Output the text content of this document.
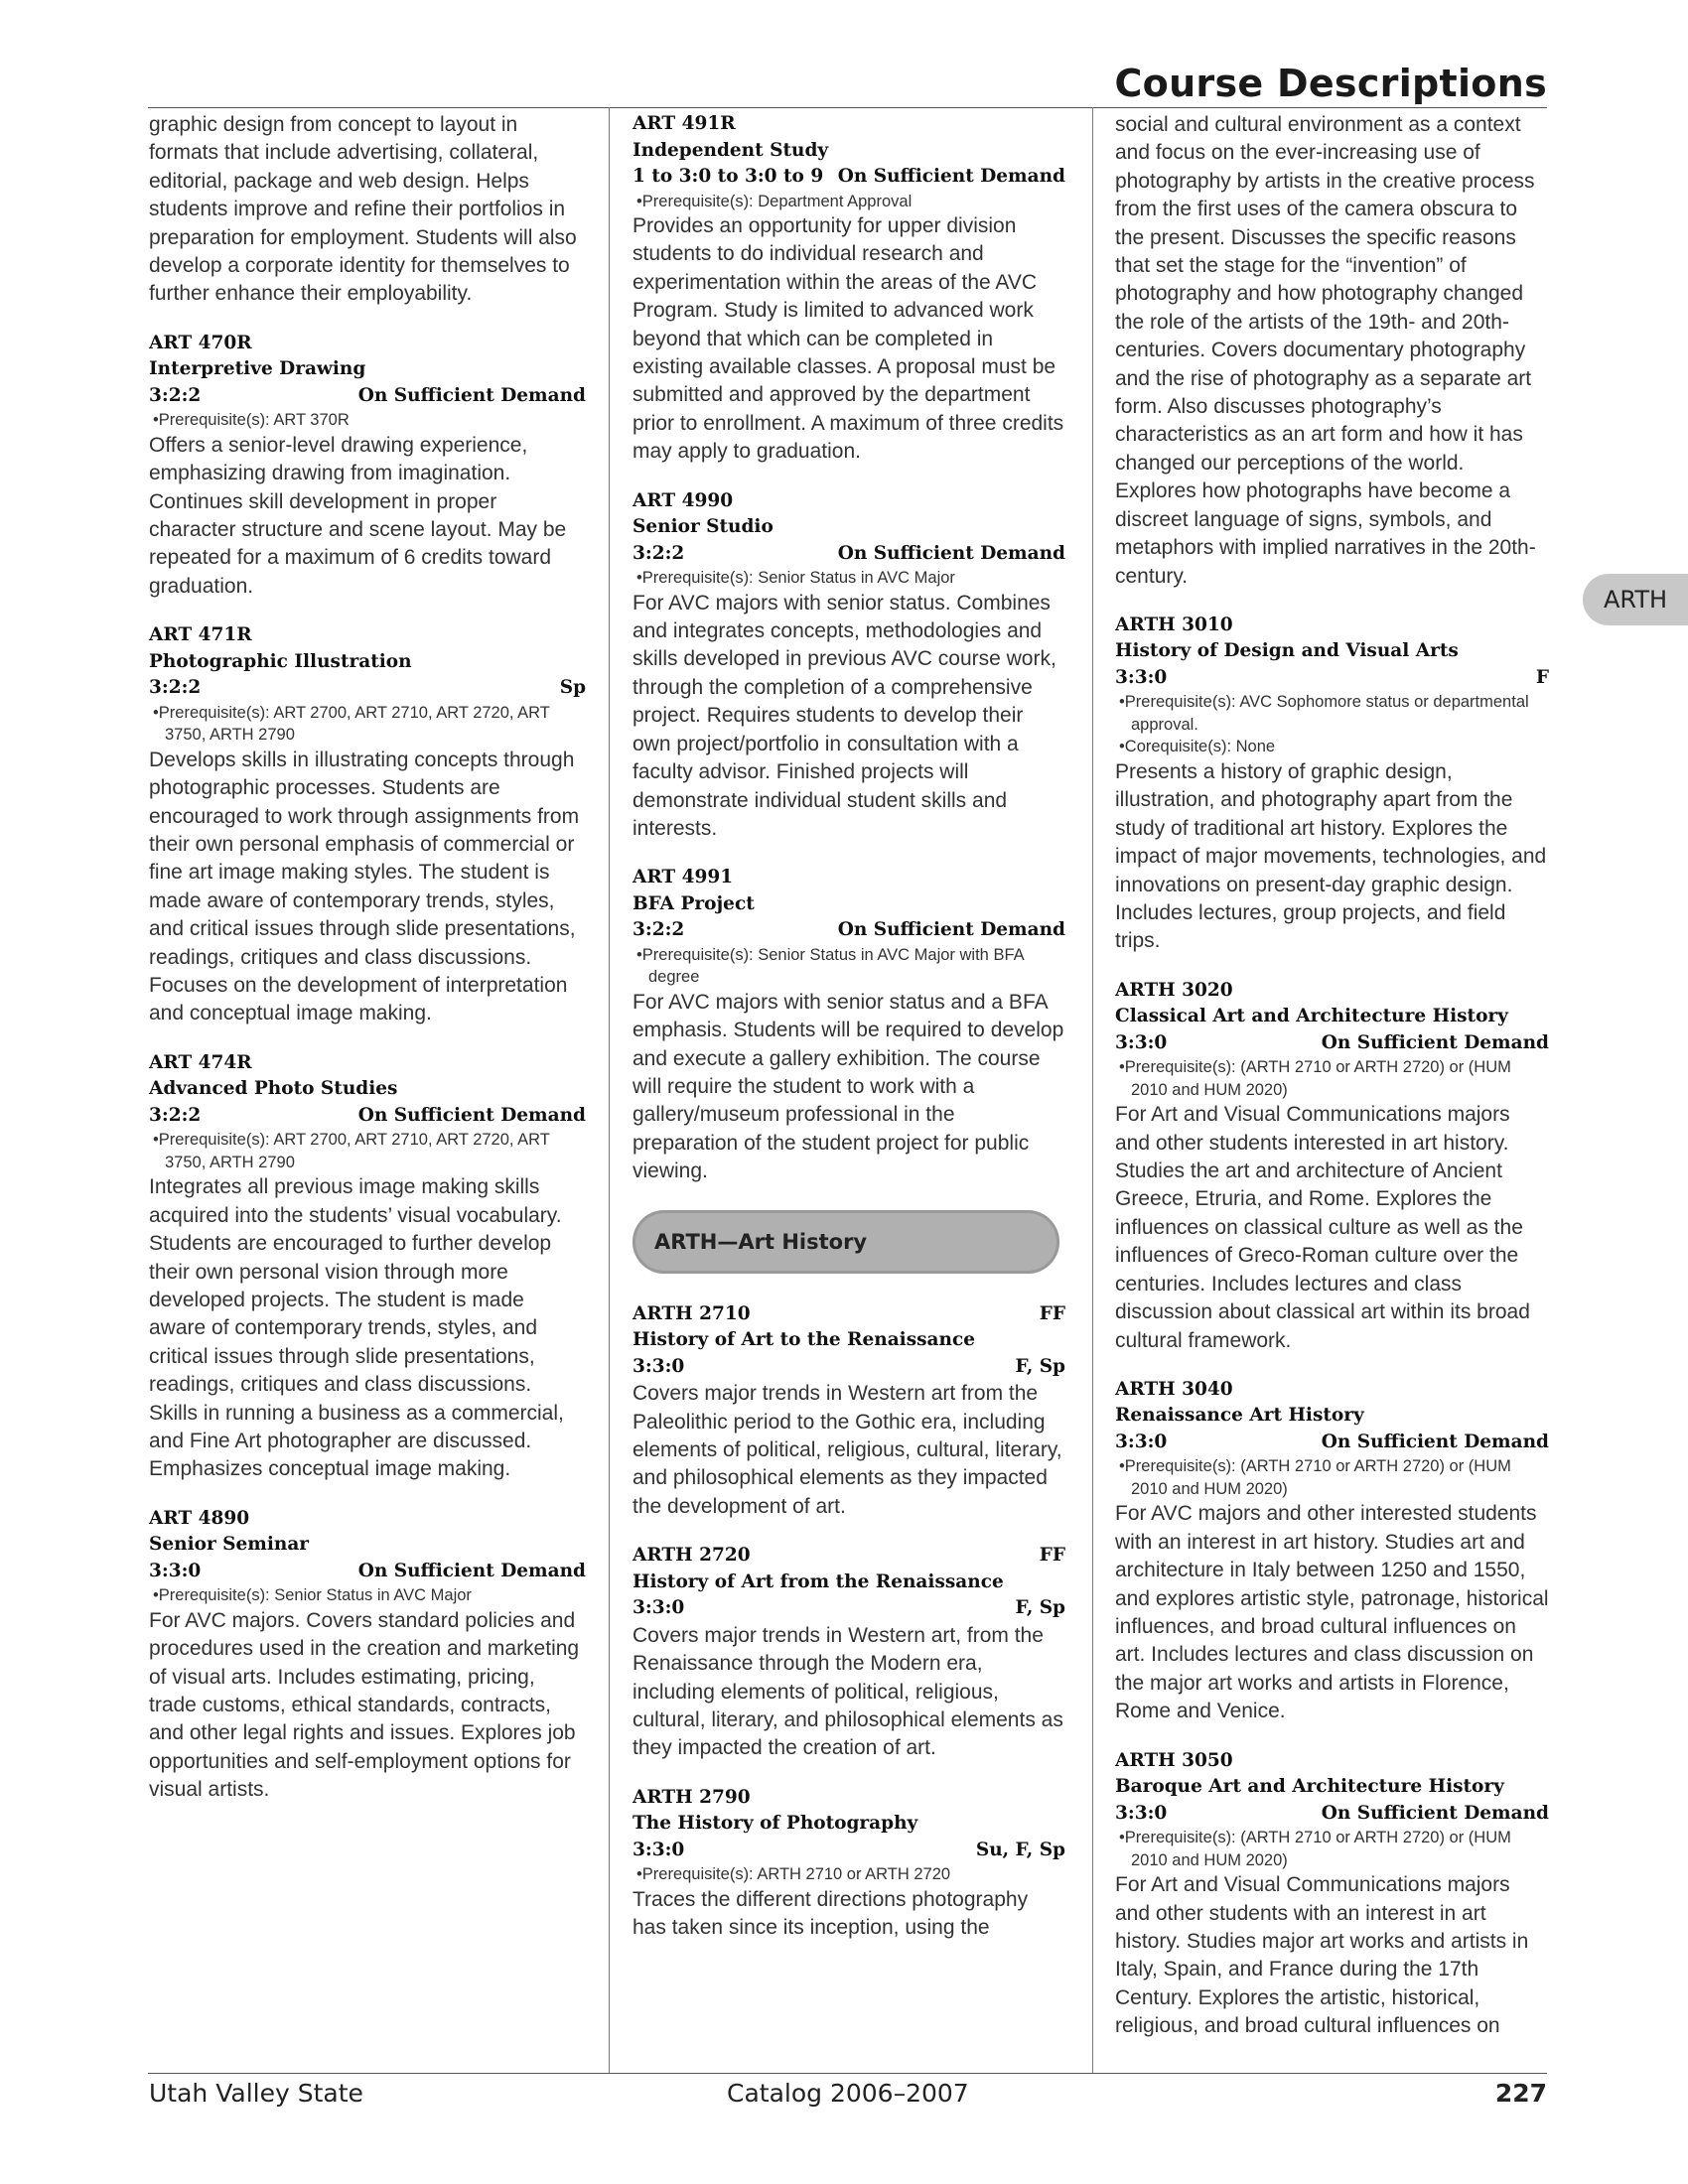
Course Descriptions
graphic design from concept to layout in formats that include advertising, collateral, editorial, package and web design. Helps students improve and refine their portfolios in preparation for employment. Students will also develop a corporate identity for themselves to further enhance their employability.
ART 470R
Interpretive Drawing
3:2:2	On Sufficient Demand
•Prerequisite(s): ART 370R
Offers a senior-level drawing experience, emphasizing drawing from imagination. Continues skill development in proper character structure and scene layout. May be repeated for a maximum of 6 credits toward graduation.
ART 471R
Photographic Illustration
3:2:2	Sp
•Prerequisite(s): ART 2700, ART 2710, ART 2720, ART 3750, ARTH 2790
Develops skills in illustrating concepts through photographic processes. Students are encouraged to work through assignments from their own personal emphasis of commercial or fine art image making styles. The student is made aware of contemporary trends, styles, and critical issues through slide presentations, readings, critiques and class discussions. Focuses on the development of interpretation and conceptual image making.
ART 474R
Advanced Photo Studies
3:2:2	On Sufficient Demand
•Prerequisite(s): ART 2700, ART 2710, ART 2720, ART 3750, ARTH 2790
Integrates all previous image making skills acquired into the students’ visual vocabulary. Students are encouraged to further develop their own personal vision through more developed projects. The student is made aware of contemporary trends, styles, and critical issues through slide presentations, readings, critiques and class discussions. Skills in running a business as a commercial, and Fine Art photographer are discussed. Emphasizes conceptual image making.
ART 4890
Senior Seminar
3:3:0	On Sufficient Demand
•Prerequisite(s): Senior Status in AVC Major
For AVC majors. Covers standard policies and procedures used in the creation and marketing of visual arts. Includes estimating, pricing, trade customs, ethical standards, contracts, and other legal rights and issues. Explores job opportunities and self-employment options for visual artists.
ART 491R
Independent Study
1 to 3:0 to 3:0 to 9 On Sufficient Demand
•Prerequisite(s): Department Approval
Provides an opportunity for upper division students to do individual research and experimentation within the areas of the AVC Program. Study is limited to advanced work beyond that which can be completed in existing available classes. A proposal must be submitted and approved by the department prior to enrollment. A maximum of three credits may apply to graduation.
ART 4990
Senior Studio
3:2:2	On Sufficient Demand
•Prerequisite(s): Senior Status in AVC Major
For AVC majors with senior status. Combines and integrates concepts, methodologies and skills developed in previous AVC course work, through the completion of a comprehensive project. Requires students to develop their own project/portfolio in consultation with a faculty advisor. Finished projects will demonstrate individual student skills and interests.
ART 4991
BFA Project
3:2:2	On Sufficient Demand
•Prerequisite(s): Senior Status in AVC Major with BFA degree
For AVC majors with senior status and a BFA emphasis. Students will be required to develop and execute a gallery exhibition. The course will require the student to work with a gallery/museum professional in the preparation of the student project for public viewing.
ARTH—Art History
ARTH 2710	FF
History of Art to the Renaissance
3:3:0	F, Sp
Covers major trends in Western art from the Paleolithic period to the Gothic era, including elements of political, religious, cultural, literary, and philosophical elements as they impacted the development of art.
ARTH 2720	FF
History of Art from the Renaissance
3:3:0	F, Sp
Covers major trends in Western art, from the Renaissance through the Modern era, including elements of political, religious, cultural, literary, and philosophical elements as they impacted the creation of art.
ARTH 2790
The History of Photography
3:3:0	Su, F, Sp
•Prerequisite(s): ARTH 2710 or ARTH 2720
Traces the different directions photography has taken since its inception, using the
social and cultural environment as a context and focus on the ever-increasing use of photography by artists in the creative process from the first uses of the camera obscura to the present. Discusses the specific reasons that set the stage for the “invention” of photography and how photography changed the role of the artists of the 19th- and 20th-centuries. Covers documentary photography and the rise of photography as a separate art form. Also discusses photography’s characteristics as an art form and how it has changed our perceptions of the world. Explores how photographs have become a discreet language of signs, symbols, and metaphors with implied narratives in the 20th-century.
ARTH 3010
History of Design and Visual Arts
3:3:0	F
•Prerequisite(s): AVC Sophomore status or departmental approval.
•Corequisite(s): None
Presents a history of graphic design, illustration, and photography apart from the study of traditional art history. Explores the impact of major movements, technologies, and innovations on present-day graphic design. Includes lectures, group projects, and field trips.
ARTH 3020
Classical Art and Architecture History
3:3:0	On Sufficient Demand
•Prerequisite(s): (ARTH 2710 or ARTH 2720) or (HUM 2010 and HUM 2020)
For Art and Visual Communications majors and other students interested in art history. Studies the art and architecture of Ancient Greece, Etruria, and Rome. Explores the influences on classical culture as well as the influences of Greco-Roman culture over the centuries. Includes lectures and class discussion about classical art within its broad cultural framework.
ARTH 3040
Renaissance Art History
3:3:0	On Sufficient Demand
•Prerequisite(s): (ARTH 2710 or ARTH 2720) or (HUM 2010 and HUM 2020)
For AVC majors and other interested students with an interest in art history. Studies art and architecture in Italy between 1250 and 1550, and explores artistic style, patronage, historical influences, and broad cultural influences on art. Includes lectures and class discussion on the major art works and artists in Florence, Rome and Venice.
ARTH 3050
Baroque Art and Architecture History
3:3:0	On Sufficient Demand
•Prerequisite(s): (ARTH 2710 or ARTH 2720) or (HUM 2010 and HUM 2020)
For Art and Visual Communications majors and other students with an interest in art history. Studies major art works and artists in Italy, Spain, and France during the 17th Century. Explores the artistic, historical, religious, and broad cultural influences on
ARTH
Utah Valley State	Catalog 2006–2007	227
